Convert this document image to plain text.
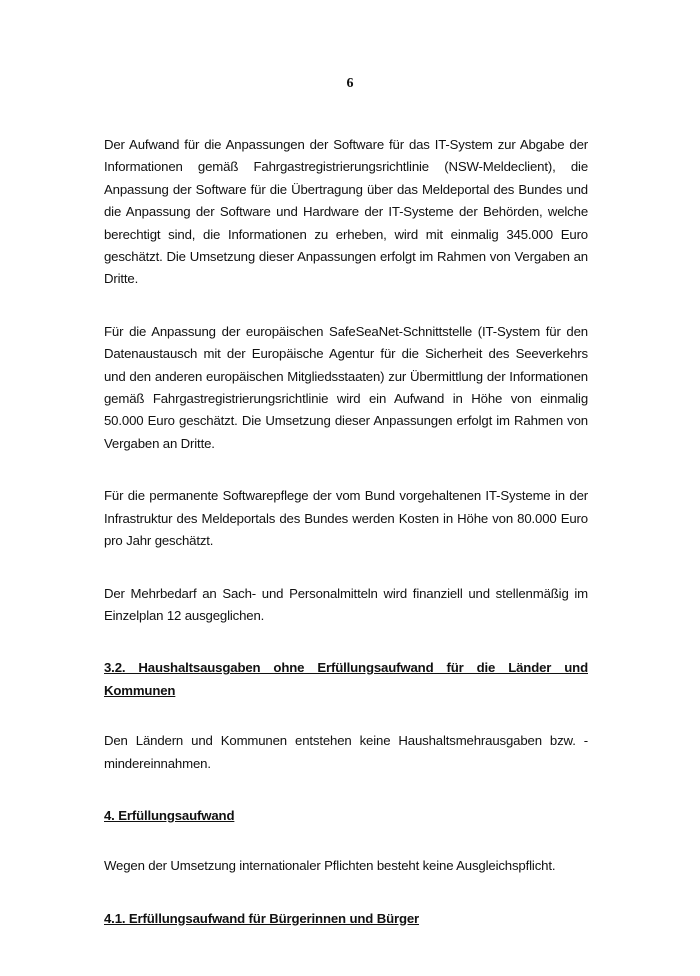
6

Der Aufwand für die Anpassungen der Software für das IT-System zur Abgabe der Informationen gemäß Fahrgastregistrierungsrichtlinie (NSW-Meldeclient), die Anpassung der Software für die Übertragung über das Meldeportal des Bundes und die Anpassung der Software und Hardware der IT-Systeme der Behörden, welche berechtigt sind, die Informationen zu erheben, wird mit einmalig 345.000 Euro geschätzt. Die Umsetzung dieser Anpassungen erfolgt im Rahmen von Vergaben an Dritte.

Für die Anpassung der europäischen SafeSeaNet-Schnittstelle (IT-System für den Datenaustausch mit der Europäische Agentur für die Sicherheit des Seeverkehrs und den anderen europäischen Mitgliedsstaaten) zur Übermittlung der Informationen gemäß Fahrgastregistrierungsrichtlinie wird ein Aufwand in Höhe von einmalig 50.000 Euro geschätzt. Die Umsetzung dieser Anpassungen erfolgt im Rahmen von Vergaben an Dritte.

Für die permanente Softwarepflege der vom Bund vorgehaltenen IT-Systeme in der Infrastruktur des Meldeportals des Bundes werden Kosten in Höhe von 80.000 Euro pro Jahr geschätzt.

Der Mehrbedarf an Sach- und Personalmitteln wird finanziell und stellenmäßig im Einzelplan 12 ausgeglichen.

3.2. Haushaltsausgaben ohne Erfüllungsaufwand für die Länder und Kommunen

Den Ländern und Kommunen entstehen keine Haushaltsmehrausgaben bzw. -mindereinnahmen.

4. Erfüllungsaufwand

Wegen der Umsetzung internationaler Pflichten besteht keine Ausgleichspflicht.

4.1. Erfüllungsaufwand für Bürgerinnen und Bürger
